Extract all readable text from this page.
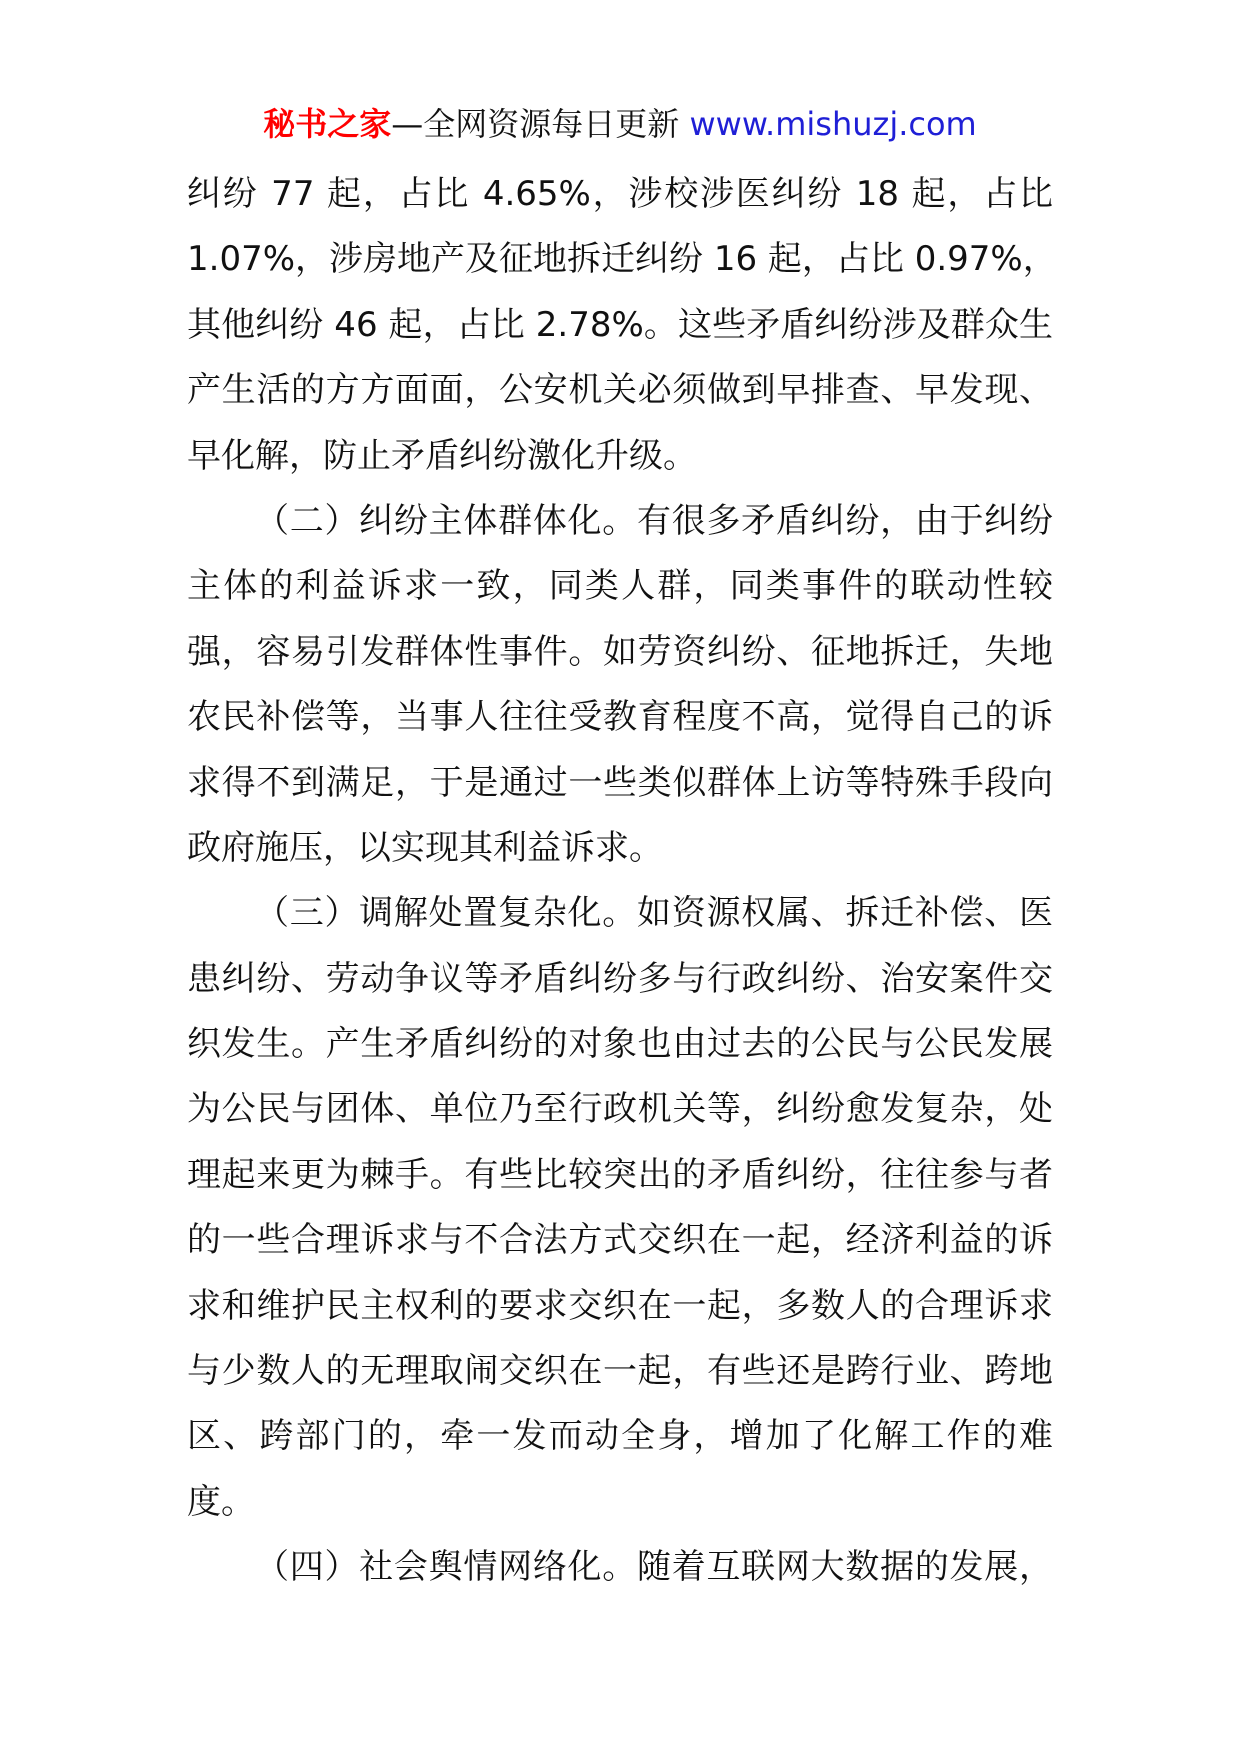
秘书之家—全网资源每日更新 www.mishuzj.com
纠纷 77 起，占比 4.65%，涉校涉医纠纷 18 起，占比
1.07%，涉房地产及征地拆迁纠纷 16 起，占比 0.97%，
其他纠纷 46 起，占比 2.78%。这些矛盾纠纷涉及群众生
产生活的方方面面，公安机关必须做到早排查、早发现、
早化解，防止矛盾纠纷激化升级。
（二）纠纷主体群体化。有很多矛盾纠纷，由于纠纷
主体的利益诉求一致，同类人群，同类事件的联动性较
强，容易引发群体性事件。如劳资纠纷、征地拆迁，失地
农民补偿等，当事人往往受教育程度不高，觉得自己的诉
求得不到满足，于是通过一些类似群体上访等特殊手段向
政府施压，以实现其利益诉求。
（三）调解处置复杂化。如资源权属、拆迁补偿、医
患纠纷、劳动争议等矛盾纠纷多与行政纠纷、治安案件交
织发生。产生矛盾纠纷的对象也由过去的公民与公民发展
为公民与团体、单位乃至行政机关等，纠纷愈发复杂，处
理起来更为棘手。有些比较突出的矛盾纠纷，往往参与者
的一些合理诉求与不合法方式交织在一起，经济利益的诉
求和维护民主权利的要求交织在一起，多数人的合理诉求
与少数人的无理取闹交织在一起，有些还是跨行业、跨地
区、跨部门的，牵一发而动全身，增加了化解工作的难
度。
（四）社会舆情网络化。随着互联网大数据的发展，
